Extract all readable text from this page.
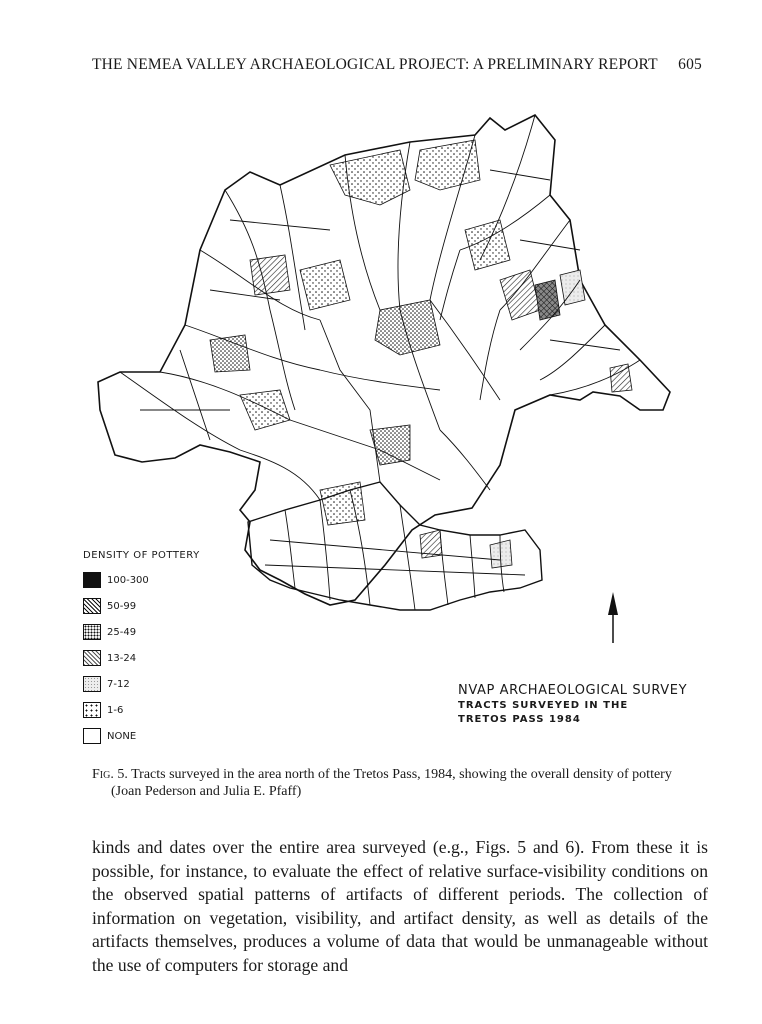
THE NEMEA VALLEY ARCHAEOLOGICAL PROJECT: A PRELIMINARY REPORT 605
DENSITY OF POTTERY
100-300
50-99
25-49
13-24
7-12
1-6
NONE
NVAP ARCHAEOLOGICAL SURVEY
TRACTS SURVEYED IN THE
TRETOS PASS 1984
Fig. 5. Tracts surveyed in the area north of the Tretos Pass, 1984, showing the overall density of pottery
(Joan Pederson and Julia E. Pfaff)

kinds and dates over the entire area surveyed (e.g., Figs. 5 and 6). From these it is possible, for instance, to evaluate the effect of relative surface-visibility conditions on the observed spatial patterns of artifacts of different periods. The collection of information on vegetation, visibility, and artifact density, as well as details of the artifacts themselves, produces a volume of data that would be unmanageable without the use of computers for storage and
